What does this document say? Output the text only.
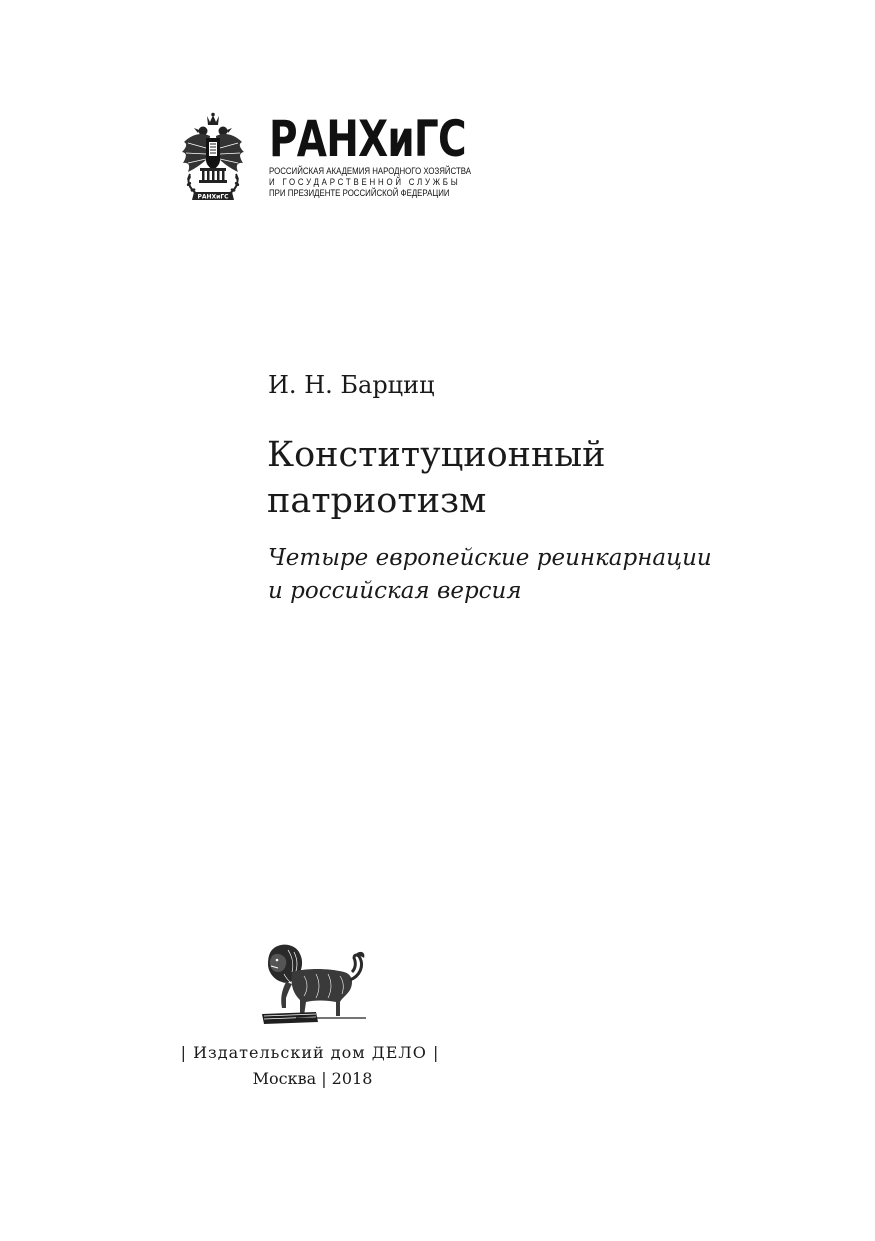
РАНХиГС
РАНХиГС
РОССИЙСКАЯ АКАДЕМИЯ НАРОДНОГО ХОЗЯЙСТВА
И ГОСУДАРСТВЕННОЙ СЛУЖБЫ
ПРИ ПРЕЗИДЕНТЕ РОССИЙСКОЙ ФЕДЕРАЦИИ
И. Н. Барциц
Конституционный
патриотизм
Четыре европейские реинкарнации
и российская версия
| Издательский дом ДЕЛО |
Москва | 2018
